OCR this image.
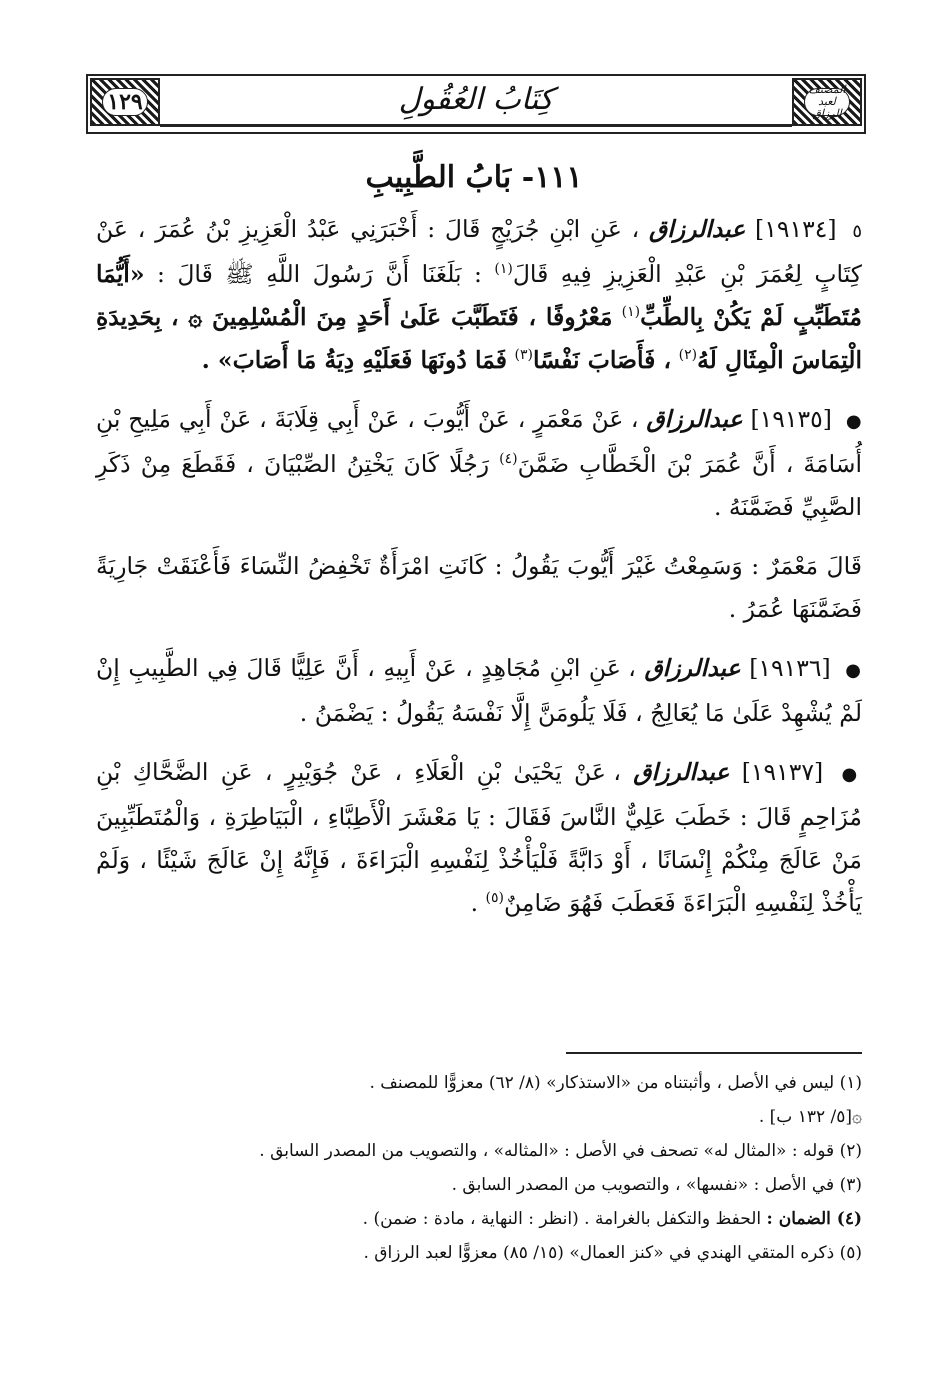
المصنف لعبد الرزاق
كِتَابُ العُقُولِ
١٢٩
١١١- بَابُ الطَّبِيبِ

٥ [١٩١٣٤] عبدالرزاق ، عَنِ ابْنِ جُرَيْجٍ قَالَ : أَخْبَرَنِي عَبْدُ الْعَزِيزِ بْنُ عُمَرَ ، عَنْ كِتَابٍ لِعُمَرَ بْنِ عَبْدِ الْعَزِيزِ فِيهِ قَالَ$^{(١)}$ : بَلَغَنَا أَنَّ رَسُولَ اللَّهِ ﷺ قَالَ : «أَيُّمَا مُتَطَبِّبٍ لَمْ يَكُنْ بِالطِّبِّ$^{(١)}$ مَعْرُوفًا ، فَتَطَبَّبَ عَلَىٰ أَحَدٍ مِنَ الْمُسْلِمِينَ ۞ ، بِحَدِيدَةِ الْتِمَاسَ الْمِثَالِ لَهُ$^{(٢)}$ ، فَأَصَابَ نَفْسًا$^{(٣)}$ فَمَا دُونَهَا فَعَلَيْهِ دِيَةُ مَا أَصَابَ» .

● [١٩١٣٥] عبدالرزاق ، عَنْ مَعْمَرٍ ، عَنْ أَيُّوبَ ، عَنْ أَبِي قِلَابَةَ ، عَنْ أَبِي مَلِيحِ بْنِ أُسَامَةَ ، أَنَّ عُمَرَ بْنَ الْخَطَّابِ ضَمَّنَ$^{(٤)}$ رَجُلًا كَانَ يَخْتِنُ الصِّبْيَانَ ، فَقَطَعَ مِنْ ذَكَرِ الصَّبِيِّ فَضَمَّنَهُ .

قَالَ مَعْمَرٌ : وَسَمِعْتُ غَيْرَ أَيُّوبَ يَقُولُ : كَانَتِ امْرَأَةٌ تَخْفِضُ النِّسَاءَ فَأَعْنَقَتْ جَارِيَةً فَضَمَّنَهَا عُمَرُ .

● [١٩١٣٦] عبدالرزاق ، عَنِ ابْنِ مُجَاهِدٍ ، عَنْ أَبِيهِ ، أَنَّ عَلِيًّا قَالَ فِي الطَّبِيبِ إِنْ لَمْ يُشْهِدْ عَلَىٰ مَا يُعَالِجُ ، فَلَا يَلُومَنَّ إِلَّا نَفْسَهُ يَقُولُ : يَضْمَنُ .

● [١٩١٣٧] عبدالرزاق ، عَنْ يَحْيَىٰ بْنِ الْعَلَاءِ ، عَنْ جُوَيْبِرٍ ، عَنِ الضَّحَّاكِ بْنِ مُزَاحِمٍ قَالَ : خَطَبَ عَلِيٌّ النَّاسَ فَقَالَ : يَا مَعْشَرَ الْأَطِبَّاءِ ، الْبَيَاطِرَةِ ، وَالْمُتَطَبِّبِينَ مَنْ عَالَجَ مِنْكُمْ إِنْسَانًا ، أَوْ دَابَّةً فَلْيَأْخُذْ لِنَفْسِهِ الْبَرَاءَةَ ، فَإِنَّهُ إِنْ عَالَجَ شَيْئًا ، وَلَمْ يَأْخُذْ لِنَفْسِهِ الْبَرَاءَةَ فَعَطَبَ فَهُوَ ضَامِنٌ$^{(٥)}$ .

(١) ليس في الأصل ، وأثبتناه من «الاستذكار» (٨/ ٦٢) معزوًّا للمصنف .

۞[٥/ ١٣٢ ب] .

(٢) قوله : «المثال له» تصحف في الأصل : «المثاله» ، والتصويب من المصدر السابق .

(٣) في الأصل : «نفسها» ، والتصويب من المصدر السابق .

(٤) الضمان : الحفظ والتكفل بالغرامة . (انظر : النهاية ، مادة : ضمن) .

(٥) ذكره المتقي الهندي في «كنز العمال» (١٥/ ٨٥) معزوًّا لعبد الرزاق .
